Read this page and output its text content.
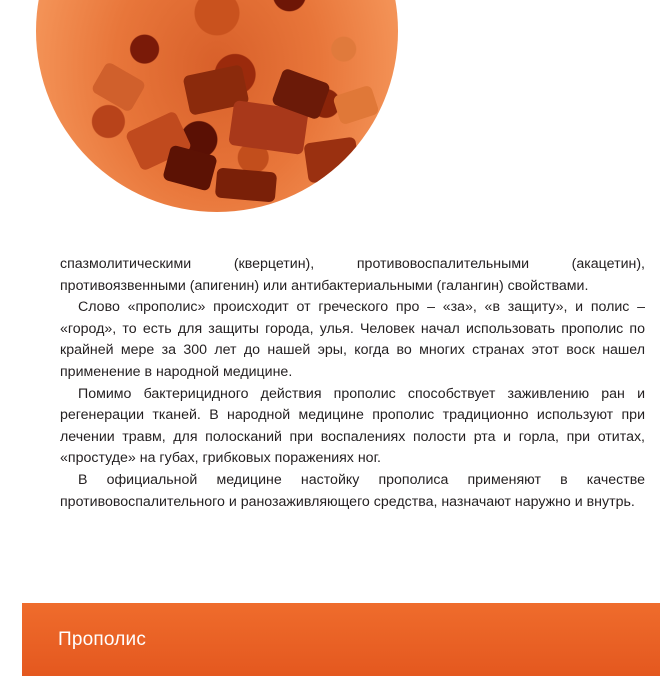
спазмолитическими (кверцетин), противовоспалительными (акацетин), противоязвенными (апигенин) или антибактериальными (галангин) свойствами.

Слово «прополис» происходит от греческого про – «за», «в защиту», и полис – «город», то есть для защиты города, улья. Человек начал использовать прополис по крайней мере за 300 лет до нашей эры, когда во многих странах этот воск нашел применение в народной медицине.

Помимо бактерицидного действия прополис способствует заживлению ран и регенерации тканей. В народной медицине прополис традиционно используют при лечении травм, для полосканий при воспалениях полости рта и горла, при отитах, «простуде» на губах, грибковых поражениях ног.

В официальной медицине настойку прополиса применяют в качестве противовоспалительного и ранозаживляющего средства, назначают наружно и внутрь.

Прополис
